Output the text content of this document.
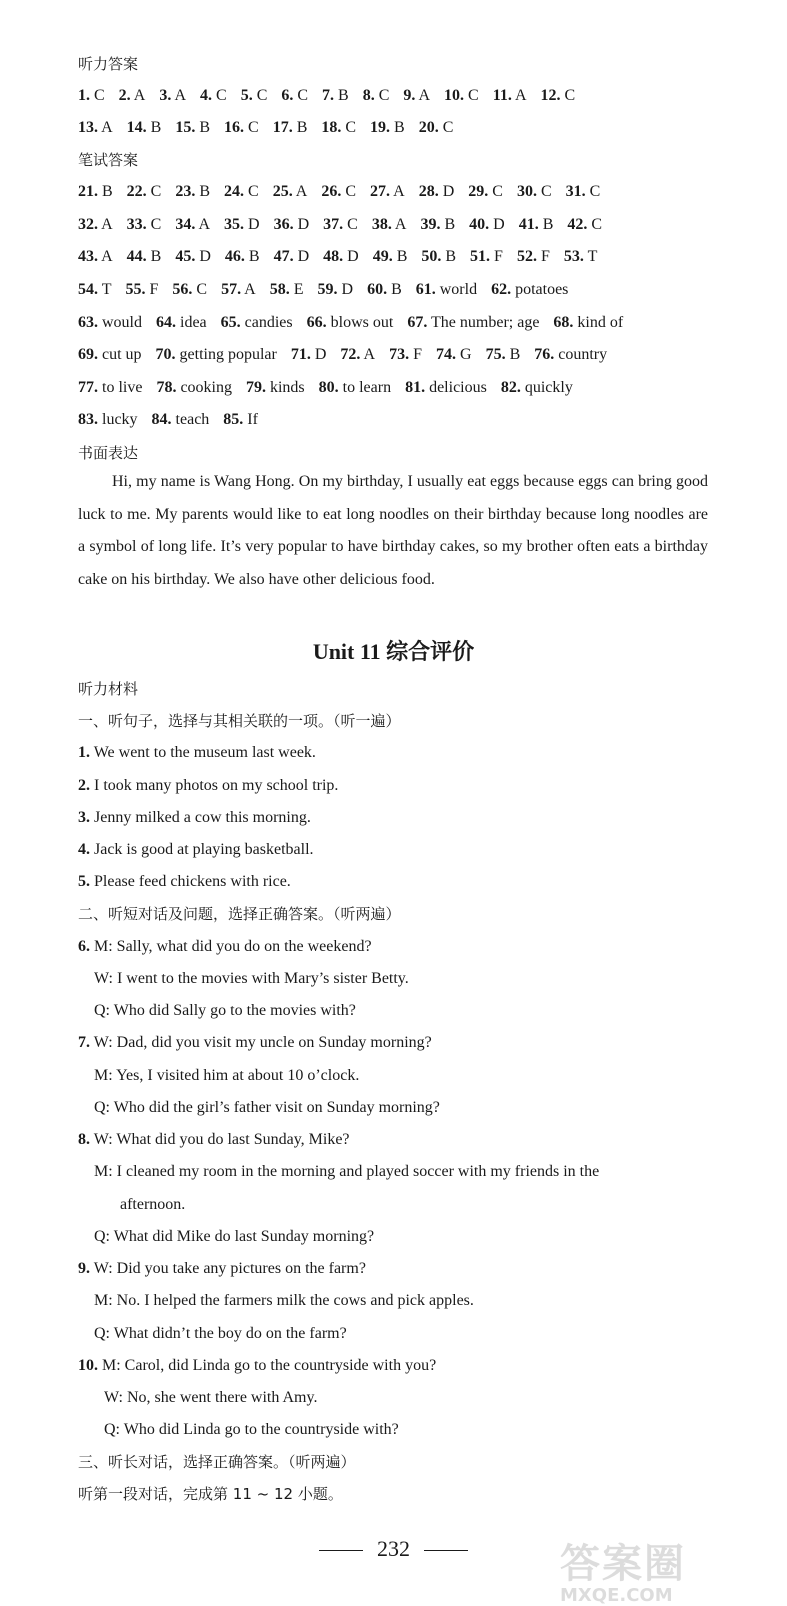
听力答案
1. C 2. A 3. A 4. C 5. C 6. C 7. B 8. C 9. A 10. C 11. A 12. C
13. A 14. B 15. B 16. C 17. B 18. C 19. B 20. C
笔试答案
21. B 22. C 23. B 24. C 25. A 26. C 27. A 28. D 29. C 30. C 31. C
32. A 33. C 34. A 35. D 36. D 37. C 38. A 39. B 40. D 41. B 42. C
43. A 44. B 45. D 46. B 47. D 48. D 49. B 50. B 51. F 52. F 53. T
54. T 55. F 56. C 57. A 58. E 59. D 60. B 61. world 62. potatoes
63. would 64. idea 65. candies 66. blows out 67. The number; age 68. kind of
69. cut up 70. getting popular 71. D 72. A 73. F 74. G 75. B 76. country
77. to live 78. cooking 79. kinds 80. to learn 81. delicious 82. quickly
83. lucky 84. teach 85. If
书面表达

Hi, my name is Wang Hong. On my birthday, I usually eat eggs because eggs can bring good luck to me. My parents would like to eat long noodles on their birthday because long noodles are a symbol of long life. It’s very popular to have birthday cakes, so my brother often eats a birthday cake on his birthday. We also have other delicious food.

Unit 11 综合评价
听力材料
一、听句子，选择与其相关联的一项。（听一遍）
1. We went to the museum last week.
2. I took many photos on my school trip.
3. Jenny milked a cow this morning.
4. Jack is good at playing basketball.
5. Please feed chickens with rice.
二、听短对话及问题，选择正确答案。（听两遍）
6. M: Sally, what did you do on the weekend?
W: I went to the movies with Mary’s sister Betty.
Q: Who did Sally go to the movies with?
7. W: Dad, did you visit my uncle on Sunday morning?
M: Yes, I visited him at about 10 o’clock.
Q: Who did the girl’s father visit on Sunday morning?
8. W: What did you do last Sunday, Mike?
M: I cleaned my room in the morning and played soccer with my friends in the
afternoon.
Q: What did Mike do last Sunday morning?
9. W: Did you take any pictures on the farm?
M: No. I helped the farmers milk the cows and pick apples.
Q: What didn’t the boy do on the farm?
10. M: Carol, did Linda go to the countryside with you?
W: No, she went there with Amy.
Q: Who did Linda go to the countryside with?
三、听长对话，选择正确答案。（听两遍）
听第一段对话，完成第 11 ~ 12 小题。
232	答案圈
MXQE.COM
